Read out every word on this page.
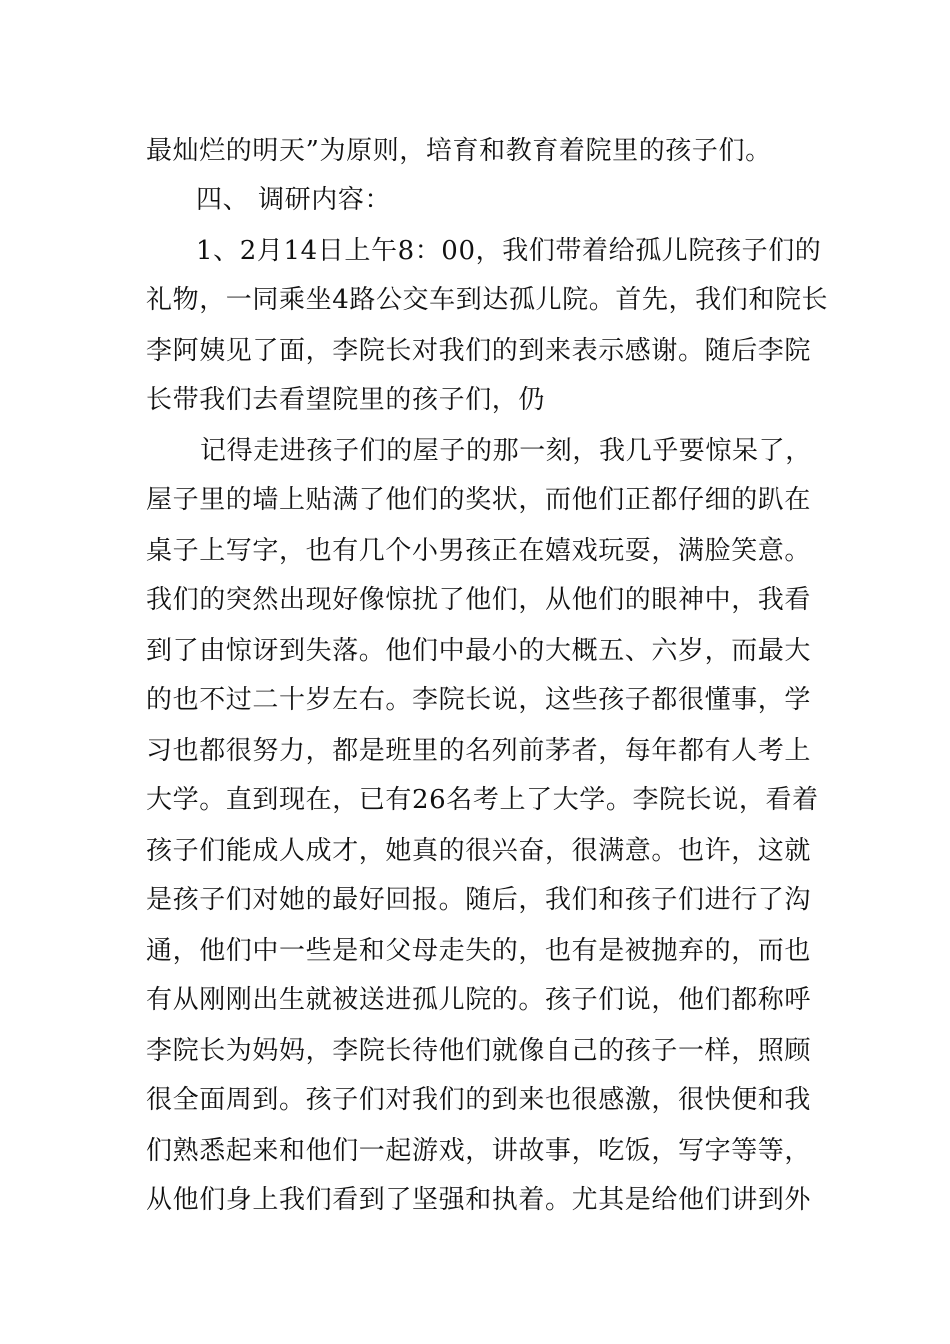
最灿烂的明天”为原则，培育和教育着院里的孩子们。
四、 调研内容：
1、2月14日上午8：00，我们带着给孤儿院孩子们的
礼物，一同乘坐4路公交车到达孤儿院。首先，我们和院长
李阿姨见了面，李院长对我们的到来表示感谢。随后李院
长带我们去看望院里的孩子们，仍
记得走进孩子们的屋子的那一刻，我几乎要惊呆了，
屋子里的墙上贴满了他们的奖状，而他们正都仔细的趴在
桌子上写字，也有几个小男孩正在嬉戏玩耍，满脸笑意。
我们的突然出现好像惊扰了他们，从他们的眼神中，我看
到了由惊讶到失落。他们中最小的大概五、六岁，而最大
的也不过二十岁左右。李院长说，这些孩子都很懂事，学
习也都很努力，都是班里的名列前茅者，每年都有人考上
大学。直到现在，已有26名考上了大学。李院长说，看着
孩子们能成人成才，她真的很兴奋，很满意。也许，这就
是孩子们对她的最好回报。随后，我们和孩子们进行了沟
通，他们中一些是和父母走失的，也有是被抛弃的，而也
有从刚刚出生就被送进孤儿院的。孩子们说，他们都称呼
李院长为妈妈，李院长待他们就像自己的孩子一样，照顾
很全面周到。孩子们对我们的到来也很感激，很快便和我
们熟悉起来和他们一起游戏，讲故事，吃饭，写字等等，
从他们身上我们看到了坚强和执着。尤其是给他们讲到外
